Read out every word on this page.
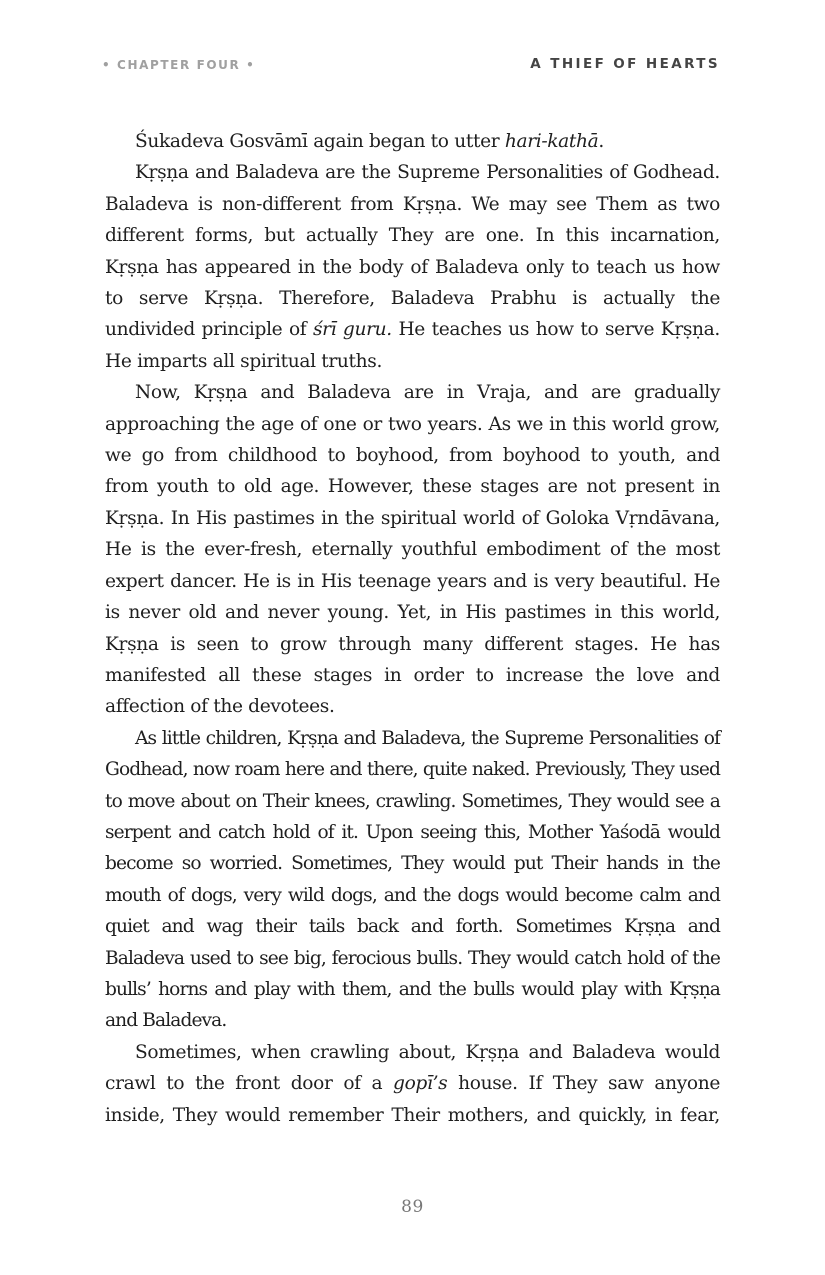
• CHAPTER FOUR •	A THIEF OF HEARTS

Śukadeva Gosvāmī again began to utter hari-kathā.

Kṛṣṇa and Baladeva are the Supreme Personalities of Godhead. Baladeva is non-different from Kṛṣṇa. We may see Them as two different forms, but actually They are one. In this incarnation, Kṛṣṇa has appeared in the body of Baladeva only to teach us how to serve Kṛṣṇa. Therefore, Baladeva Prabhu is actually the undivided principle of śrī guru. He teaches us how to serve Kṛṣṇa. He imparts all spiritual truths.

Now, Kṛṣṇa and Baladeva are in Vraja, and are gradually approaching the age of one or two years. As we in this world grow, we go from childhood to boyhood, from boyhood to youth, and from youth to old age. However, these stages are not present in Kṛṣṇa. In His pastimes in the spiritual world of Goloka Vṛndāvana, He is the ever-fresh, eternally youthful embodiment of the most expert dancer. He is in His teenage years and is very beautiful. He is never old and never young. Yet, in His pastimes in this world, Kṛṣṇa is seen to grow through many different stages. He has manifested all these stages in order to increase the love and affection of the devotees.

As little children, Kṛṣṇa and Baladeva, the Supreme Personalities of Godhead, now roam here and there, quite naked. Previously, They used to move about on Their knees, crawling. Sometimes, They would see a serpent and catch hold of it. Upon seeing this, Mother Yaśodā would become so worried. Sometimes, They would put Their hands in the mouth of dogs, very wild dogs, and the dogs would become calm and quiet and wag their tails back and forth. Sometimes Kṛṣṇa and Baladeva used to see big, ferocious bulls. They would catch hold of the bulls’ horns and play with them, and the bulls would play with Kṛṣṇa and Baladeva.

Sometimes, when crawling about, Kṛṣṇa and Baladeva would crawl to the front door of a gopī’s house. If They saw anyone inside, They would remember Their mothers, and quickly, in fear,

89
